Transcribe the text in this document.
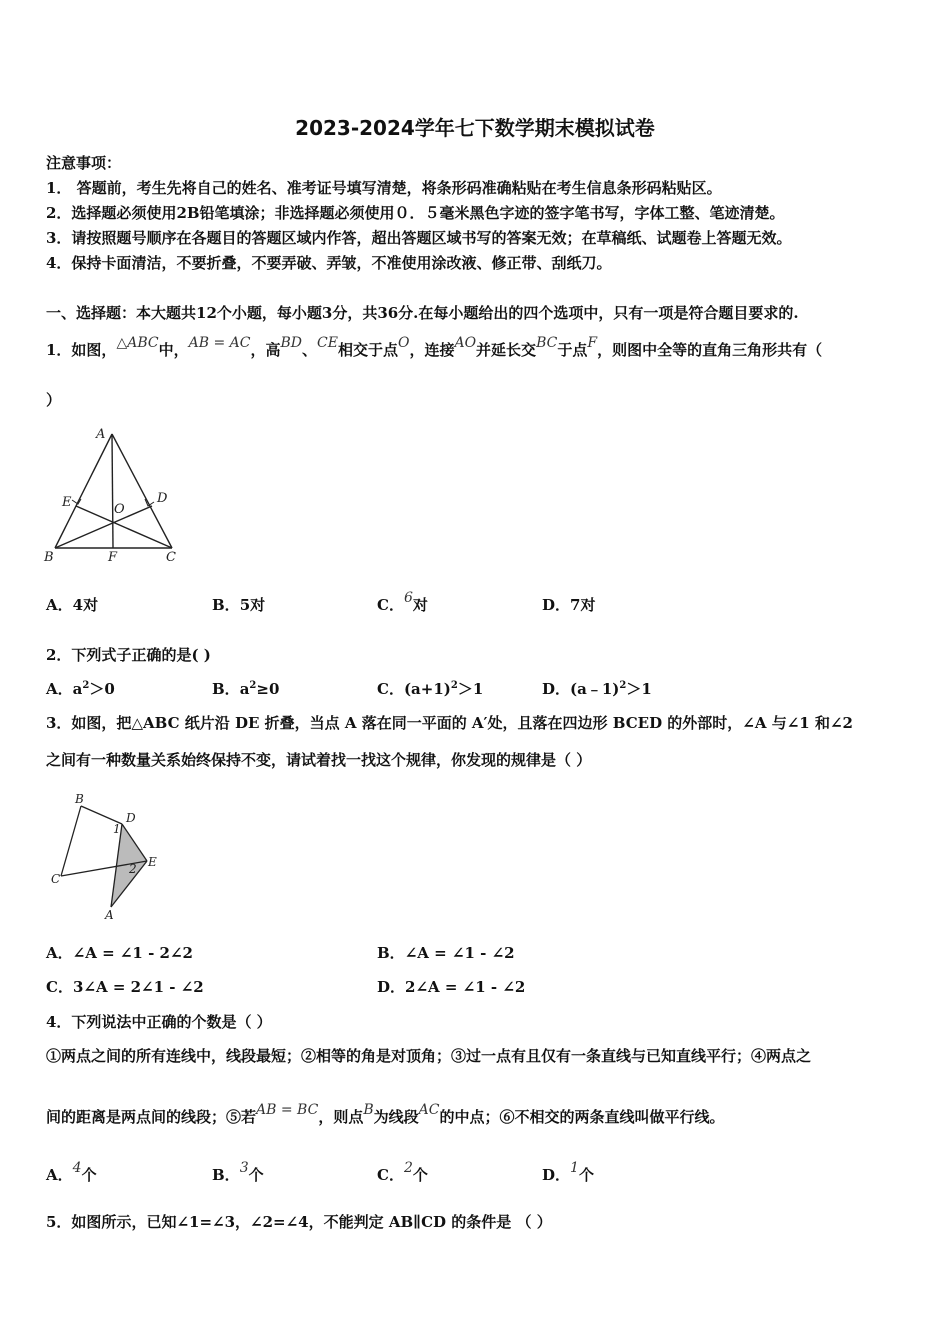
2023-2024学年七下数学期末模拟试卷
注意事项：
1． 答题前，考生先将自己的姓名、准考证号填写清楚，将条形码准确粘贴在考生信息条形码粘贴区。
2．选择题必须使用2B铅笔填涂；非选择题必须使用０．５毫米黑色字迹的签字笔书写，字体工整、笔迹清楚。
3．请按照题号顺序在各题目的答题区域内作答，超出答题区域书写的答案无效；在草稿纸、试题卷上答题无效。
4．保持卡面清洁，不要折叠，不要弄破、弄皱，不准使用涂改液、修正带、刮纸刀。
一、选择题：本大题共12个小题，每小题3分，共36分.在每小题给出的四个选项中，只有一项是符合题目要求的.
1．如图，△ABC中，AB = AC，高BD、CE相交于点O，连接AO并延长交BC于点F，则图中全等的直角三角形共有（
）
A
E	O
D
B	F	C
A．4对	B．5对	C．6对	D．7对
2．下列式子正确的是( )
A．$a^2>0$	B．$a^2\ge 0$	C．$(a+1)^2>1$	D．(a﹣1)$^2$＞1
3．如图，把△ABC 纸片沿 DE 折叠，当点 A 落在同一平面的 A′处，且落在四边形 BCED 的外部时，∠A 与∠1 和∠2
之间有一种数量关系始终保持不变，请试着找一找这个规律，你发现的规律是（ ）
B
D
1
E
2
C
A
A．∠A = ∠1 - 2∠2	B．∠A = ∠1 - ∠2
C．3∠A = 2∠1 - ∠2	D．2∠A = ∠1 - ∠2
4．下列说法中正确的个数是（ ）
①两点之间的所有连线中，线段最短；②相等的角是对顶角；③过一点有且仅有一条直线与已知直线平行；④两点之
间的距离是两点间的线段；⑤若AB = BC，则点B为线段AC的中点；⑥不相交的两条直线叫做平行线。
A．4个	B．3个	C．2个	D．1个
5．如图所示，已知∠1=∠3，∠2=∠4，不能判定 AB∥CD 的条件是 （ ）
